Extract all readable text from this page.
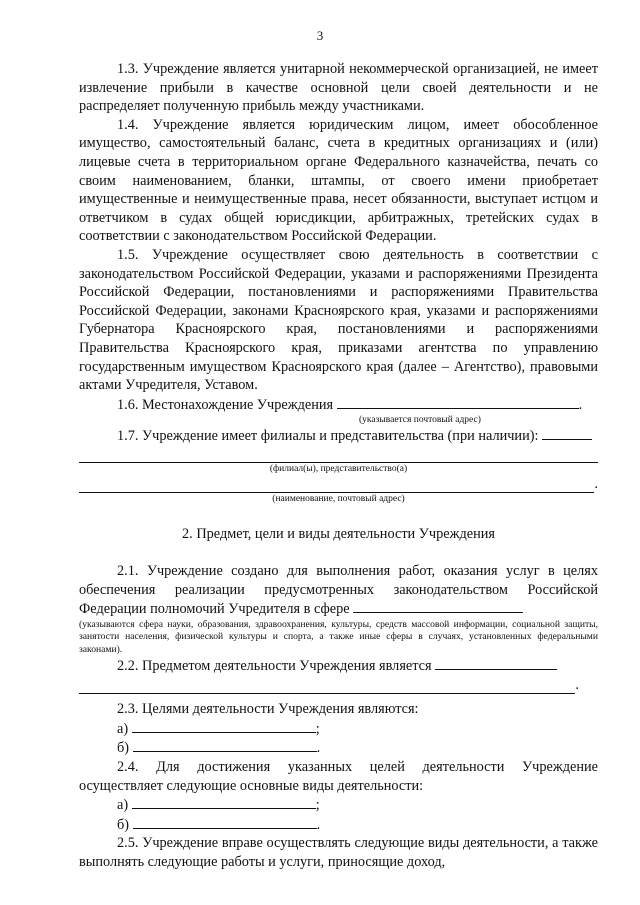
3

1.3. Учреждение является унитарной некоммерческой организацией, не имеет извлечение прибыли в качестве основной цели своей деятельности и не распределяет полученную прибыль между участниками.

1.4. Учреждение является юридическим лицом, имеет обособленное имущество, самостоятельный баланс, счета в кредитных организациях и (или) лицевые счета в территориальном органе Федерального казначейства, печать со своим наименованием, бланки, штампы, от своего имени приобретает имущественные и неимущественные права, несет обязанности, выступает истцом и ответчиком в судах общей юрисдикции, арбитражных, третейских судах в соответствии с законодательством Российской Федерации.

1.5. Учреждение осуществляет свою деятельность в соответствии с законодательством Российской Федерации, указами и распоряжениями Президента Российской Федерации, постановлениями и распоряжениями Правительства Российской Федерации, законами Красноярского края, указами и распоряжениями Губернатора Красноярского края, постановлениями и распоряжениями Правительства Красноярского края, приказами агентства по управлению государственным имуществом Красноярского края (далее – Агентство), правовыми актами Учредителя, Уставом.

1.6. Местонахождение Учреждения	.

(указывается почтовый адрес)

1.7. Учреждение имеет филиалы и представительства (при наличии):

(филиал(ы), представительство(а)
.
(наименование, почтовый адрес)

2. Предмет, цели и виды деятельности Учреждения

2.1. Учреждение создано для выполнения работ, оказания услуг в целях обеспечения реализации предусмотренных законодательством Российской Федерации полномочий Учредителя в сфере

(указываются сфера науки, образования, здравоохранения, культуры, средств массовой информации, социальной защиты, занятости населения, физической культуры и спорта, а также иные сферы в случаях, установленных федеральными законами).

2.2. Предметом деятельности Учреждения является

.

2.3. Целями деятельности Учреждения являются:

а)	;
б)	.

2.4. Для достижения указанных целей деятельности Учреждение осуществляет следующие основные виды деятельности:

а)	;
б)	.

2.5. Учреждение вправе осуществлять следующие виды деятельности, а также выполнять следующие работы и услуги, приносящие доход,
